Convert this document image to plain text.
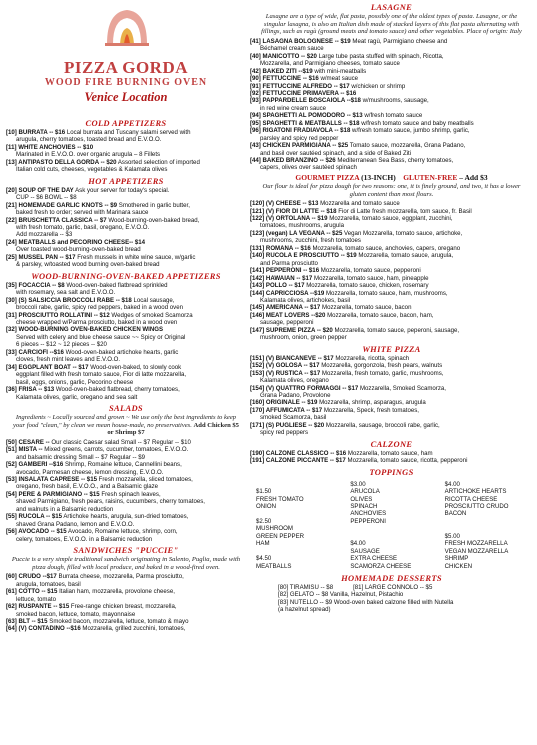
PIZZA GORDA
WOOD FIRE BURNING OVEN
Venice Location
COLD APPETIZERS
[10] BURRATA -- $16 Local burrata and Tuscany salami served with
arugula, cherry tomatoes, toasted bread and E.V.O.O.
[11] WHITE ANCHOVIES -- $10
Marinated in E.V.O.O. over organic arugula – 8 Fillets
[13] ANTIPASTO DELLA GORDA -- $20 Assorted selection of imported
Italian cold cuts, cheeses, vegetables & Kalamata olives
HOT APPETIZERS
[20] SOUP OF THE DAY Ask your server for today's special.
CUP -- $6 BOWL -- $8
[21] HOMEMADE GARLIC KNOTS -- $9 Smothered in garlic butter,
baked fresh to order; served with Marinara sauce
[22] BRUSCHETTA CLASSICA -- $7 Wood-burning-oven-baked bread,
with fresh tomato, garlic, basil, oregano, E.V.O.O.
Add mozzarella -- $3
[24] MEATBALLS and PECORINO CHEESE-- $14
Over toasted wood-burning-oven-baked bread
[25] MUSSEL PAN -- $17 Fresh mussels in white wine sauce, w/garlic
& parsley, w/toasted wood burning oven-baked bread
WOOD-BURNING-OVEN-BAKED APPETIZERS
[35] FOCACCIA -- $8 Wood-oven-baked flatbread sprinkled
with rosemary, sea salt and E.V.O.O.
[30] (S) SALSICCIA BROCCOLI RABE -- $18 Local sausage,
broccoli rabe, garlic, spicy red peppers, baked in a wood oven
[31] PROSCIUTTO ROLLATINI -- $12 Wedges of smoked Scamorza
cheese wrapped w/Parma prosciutto, baked in a wood oven
[32] WOOD-BURNING OVEN-BAKED CHICKEN WINGS
Served with celery and blue cheese sauce ~~ Spicy or Original
6 pieces -- $12 ~ 12 pieces -- $20
[33] CARCIOFI --$16 Wood-oven-baked artichoke hearts, garlic
cloves, fresh mint leaves and E.V.O.O.
[34] EGGPLANT BOAT -- $17 Wood-oven-baked, to slowly cook
eggplant filled with fresh tomato sauce, Fior di latte mozzarella,
basil, eggs, onions, garlic, Pecorino cheese
[36] FRISA -- $13 Wood-oven-baked flatbread, cherry tomatoes,
Kalamata olives, garlic, oregano and sea salt
SALADS
Ingredients ~ Locally sourced and grown ~ We use only the best ingredients to keep your food "clean," by clean we mean house-made, no preservatives. Add Chicken $5 or Shrimp $7
[50] CESARE -- Our classic Caesar salad Small -- $7 Regular -- $10
[51] MISTA -- Mixed greens, carrots, cucumber, tomatoes, E.V.O.O.
and balsamic dressing Small -- $7 Regular -- $9
[52] GAMBERI --$16 Shrimp, Romaine lettuce, Cannellini beans,
avocado, Parmesan cheese, lemon dressing, E.V.O.O.
[53] INSALATA CAPRESE -- $15 Fresh mozzarella, sliced tomatoes,
oregano, fresh basil, E.V.O.O., and a Balsamic glaze
[54] PERE & PARMIGIANO -- $15 Fresh spinach leaves,
shaved Parmigiano, fresh pears, raisins, cucumbers, cherry tomatoes,
and walnuts in a Balsamic reduction
[55] RUCOLA -- $15 Artichoke hearts, arugula, sun-dried tomatoes,
shaved Grana Padano, lemon and E.V.O.O.
[56] AVOCADO -- $15 Avocado, Romaine lettuce, shrimp, corn,
celery, tomatoes, E.V.O.O. in a Balsamic reduction
SANDWICHES "PUCCIE"
Puccie is a very simple traditional sandwich originating in Salento, Puglia, made with pizza dough, filled with local produce, and baked in a wood-fired oven.
[60] CRUDO --$17 Burrata cheese, mozzarella, Parma prosciutto,
arugula, tomatoes, basil
[61] COTTO -- $15 Italian ham, mozzarella, provolone cheese,
lettuce, tomato
[62] RUSPANTE -- $15 Free-range chicken breast, mozzarella,
smoked bacon, lettuce, tomato, mayonnaise
[63] BLT -- $15 Smoked bacon, mozzarella, lettuce, tomato & mayo
[64] (V) CONTADINO --$16 Mozzarella, grilled zucchini, tomatoes,
LASAGNE
Lasagne are a type of wide, flat pasta, possibly one of the oldest types of pasta. Lasagne, or the singular lasagna, is also an Italian dish made of stacked layers of this flat pasta alternating with fillings, such as ragù (ground meats and tomato sauce) and other vegetables. Place of origin: Italy
[41] LASAGNA BOLOGNESE -- $19 Meat ragù, Parmigiano cheese and
Béchamel cream sauce
[40] MANICOTTO -- $20 Large tube pasta stuffed with spinach, Ricotta,
Mozzarella, and Parmigiano cheeses, tomato sauce
[42] BAKED ZITI --$19 with mini-meatballs
[90] FETTUCCINE -- $16 w/meat sauce
[91] FETTUCCINE ALFREDO -- $17 w/chicken or shrimp
[92] FETTUCCINE PRIMAVERA -- $16
[93] PAPPARDELLE BOSCAIOLA --$18 w/mushrooms, sausage,
in red wine cream sauce
[94] SPAGHETTI AL POMODORO -- $13 w/fresh tomato sauce
[95] SPAGHETTI & MEATBALLS -- $18 w/fresh tomato sauce and baby meatballs
[96] RIGATONI FRADIAVOLA -- $18 w/fresh tomato sauce, jumbo shrimp, garlic,
parsley and spicy red pepper
[43] CHICKEN PARMIGIANA -- $25 Tomato sauce, mozzarella, Grana Padano,
and basil over sautéed spinach, and a side of Baked Ziti
[44] BAKED BRANZINO -- $26 Mediterranean Sea Bass, cherry tomatoes,
capers, olives over sautéed spinach
GOURMET PIZZA (13-INCH) GLUTEN-FREE – Add $3
Our flour is ideal for pizza dough for two reasons: one, it is finely ground, and two, it has a lower gluten content than most flours.
[120] (V) CHEESE -- $13 Mozzarella and tomato sauce
[121] (V) FIOR DI LATTE -- $18 Fior di Latte fresh mozzarella, tom sauce, fr. Basil
[122] (V) ORTOLANA -- $19 Mozzarella, tomato sauce, eggplant, zucchini,
tomatoes, mushrooms, arugula
[123] (vegan) LA VEGANA -- $25 Vegan Mozzarella, tomato sauce, artichoke,
mushrooms, zucchini, fresh tomatoes
[131] ROMANA -- $16 Mozzarella, tomato sauce, anchovies, capers, oregano
[140] RUCOLA E PROSCIUTTO -- $19 Mozzarella, tomato sauce, arugula,
and Parma prosciutto
[141] PEPPERONI -- $16 Mozzarella, tomato sauce, pepperoni
[142] HAWAIAN -- $17 Mozzarella, tomato sauce, ham, pineapple
[143] POLLO -- $17 Mozzarella, tomato sauce, chicken, rosemary
[144] CAPRICCIOSA --$19 Mozzarella, tomato sauce, ham, mushrooms,
Kalamata olives, artichokes, basil
[145] AMERICANA -- $17 Mozzarella, tomato sauce, bacon
[146] MEAT LOVERS --$20 Mozzarella, tomato sauce, bacon, ham,
sausage, pepperoni
[147] SUPREME PIZZA -- $20 Mozzarella, tomato sauce, peperoni, sausage,
mushroom, onion, green pepper
WHITE PIZZA
[151] (V) BIANCANEVE -- $17 Mozzarella, ricotta, spinach
[152] (V) GOLOSA -- $17 Mozzarella, gorgonzola, fresh pears, walnuts
[153] (V) RUSTICA -- $17 Mozzarella, fresh tomato, garlic, mushrooms,
Kalamata olives, oregano
[154] (V) QUATTRO FORMAGGI -- $17 Mozzarella, Smoked Scamorza,
Grana Padano, Provolone
[160] ORIGINALE -- $19 Mozzarella, shrimp, asparagus, arugula
[170] AFFUMICATA -- $17 Mozzarella, Speck, fresh tomatoes,
smoked Scamorza, basil
[171] (S) PUGLIESE -- $20 Mozzarella, sausage, broccoli rabe, garlic,
spicy red peppers
CALZONE
[190] CALZONE CLASSICO -- $16 Mozzarella, tomato sauce, ham
[191] CALZONE PICCANTE -- $17 Mozzarella, tomato sauce, ricotta, pepperoni
TOPPINGS
$1.50
FRESH TOMATO
ONION
$2.50
MUSHROOM
GREEN PEPPER
HAM
$4.50
MEATBALLS
$3.00
ARUCOLA
OLIVES
SPINACH
ANCHOVIES
PEPPERONI
$4.00
SAUSAGE
EXTRA CHEESE
SCAMORZA CHEESE
$4.00
ARTICHOKE HEARTS
RICOTTA CHEESE
PROSCIUTTO CRUDO
BACON
$5.00
FRESH MOZZARELLA
VEGAN MOZZARELLA
SHRIMP
CHICKEN
HOMEMADE DESSERTS
[80] TIRAMISU -- $8	[81] LARGE CONNOLO -- $5
[82] GELATO -- $8 Vanilla, Hazelnut, Pistachio
[83] NUTELLO -- $9 Wood-oven baked calzone filled with Nutella
(a hazelnut spread)
